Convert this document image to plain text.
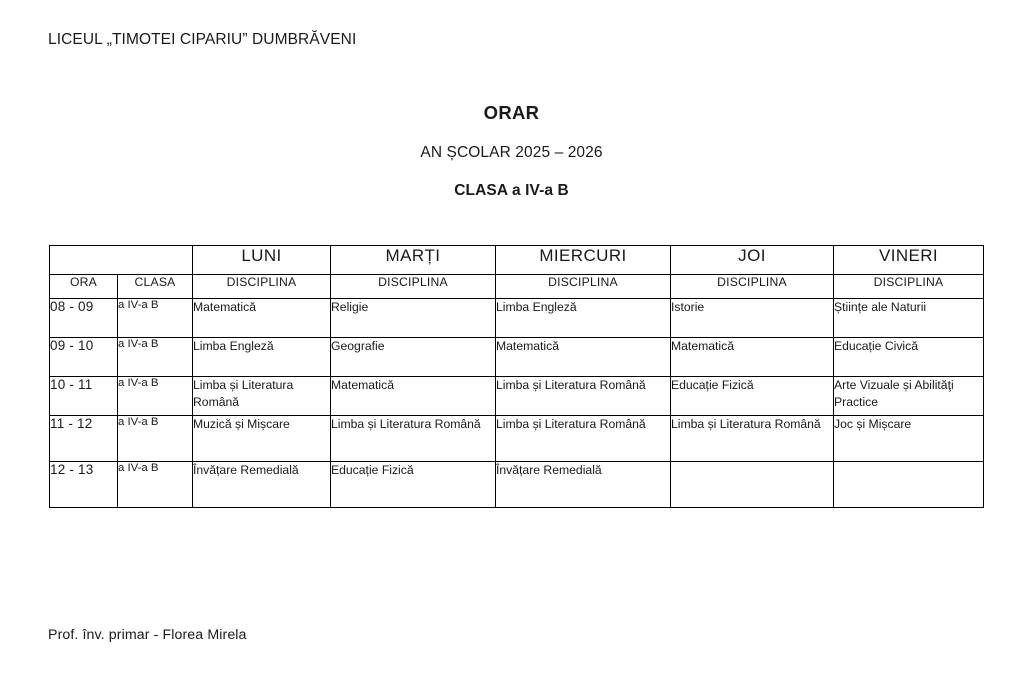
LICEUL „TIMOTEI CIPARIU” DUMBRĂVENI
ORAR
AN ȘCOLAR 2025 – 2026
CLASA a IV-a B
		LUNI	MARȚI	MIERCURI	JOI	VINERI
ORA	CLASA	DISCIPLINA	DISCIPLINA	DISCIPLINA	DISCIPLINA	DISCIPLINA
08 - 09	a IV-a B	Matematică	Religie	Limba Engleză	Istorie	Științe ale Naturii
09 - 10	a IV-a B	Limba Engleză	Geografie	Matematică	Matematică	Educație Civică
10 - 11	a IV-a B	Limba și Literatura Română	Matematică	Limba și Literatura Română	Educație Fizică	Arte Vizuale și Abilităţi Practice
11 - 12	a IV-a B	Muzică și Mișcare	Limba și Literatura Română	Limba și Literatura Română	Limba și Literatura Română	Joc și Mișcare
12 - 13	a IV-a B	Învățare Remedială	Educație Fizică	Învățare Remedială		
Prof. înv. primar - Florea Mirela
